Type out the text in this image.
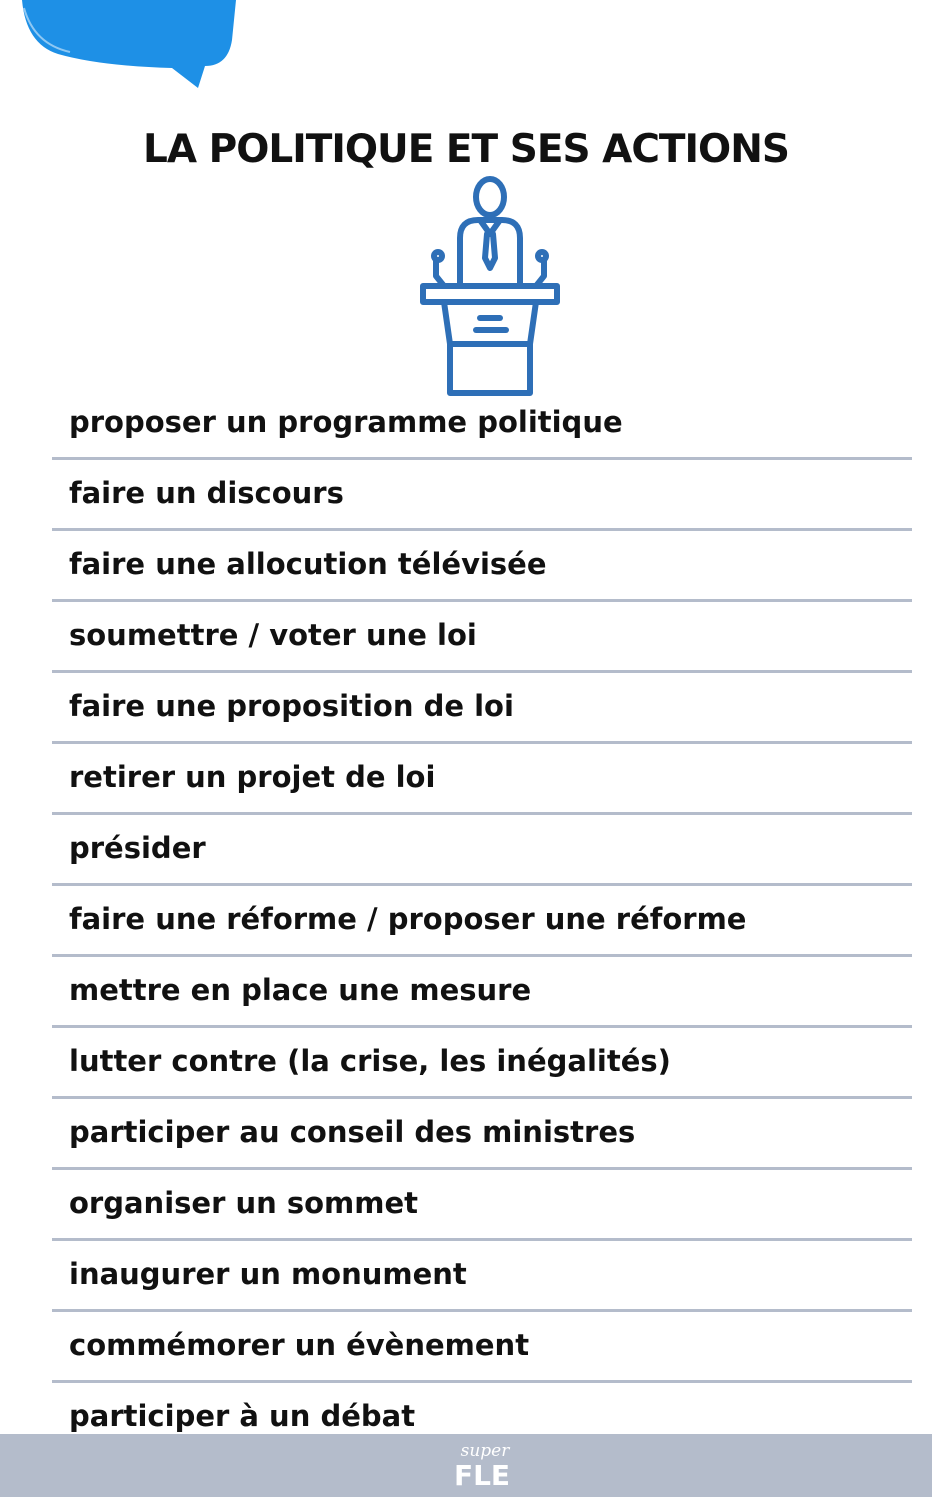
LA POLITIQUE ET SES ACTIONS
proposer un programme politique
faire un discours
faire une allocution télévisée
soumettre / voter une loi
faire une proposition de loi
retirer un projet de loi
présider
faire une réforme / proposer une réforme
mettre en place une mesure
lutter contre (la crise, les inégalités)
participer au conseil des ministres
organiser un sommet
inaugurer un monument
commémorer un évènement
participer à un débat
super
FLE
